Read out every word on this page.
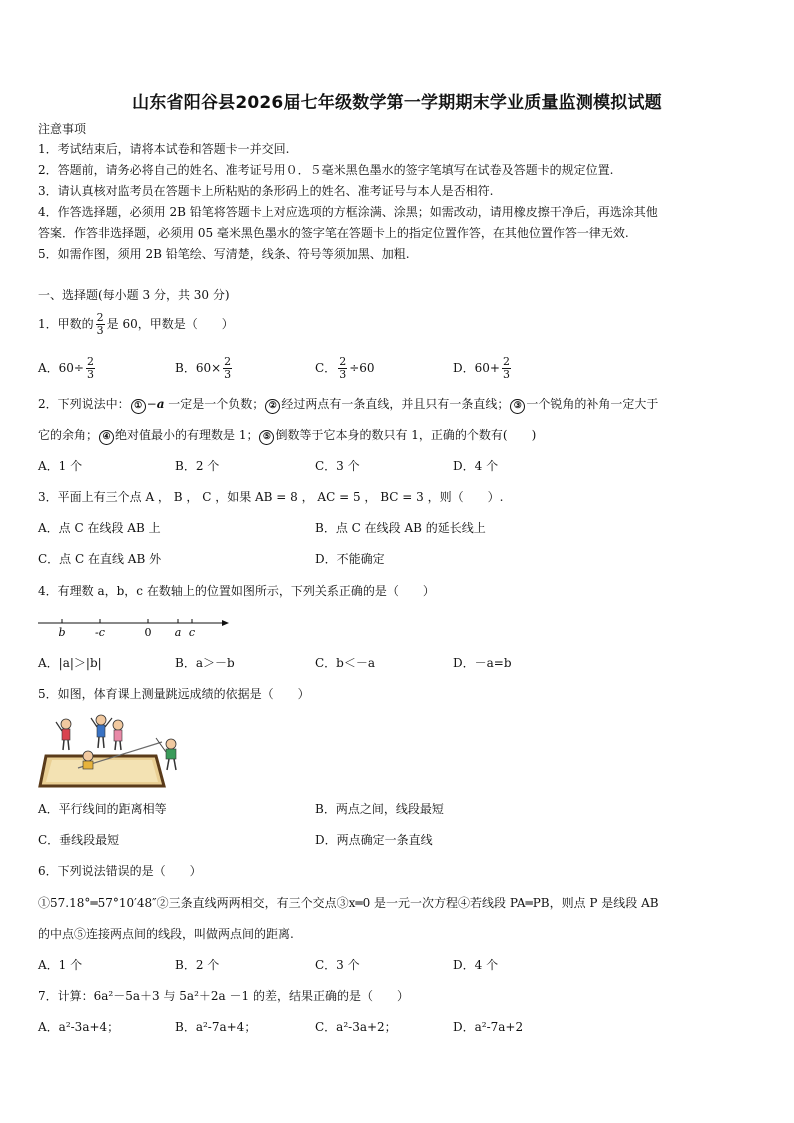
山东省阳谷县2026届七年级数学第一学期期末学业质量监测模拟试题
注意事项
1．考试结束后，请将本试卷和答题卡一并交回.
2．答题前，请务必将自己的姓名、准考证号用０．５毫米黑色墨水的签字笔填写在试卷及答题卡的规定位置.
3．请认真核对监考员在答题卡上所粘贴的条形码上的姓名、准考证号与本人是否相符.
4．作答选择题，必须用 2B 铅笔将答题卡上对应选项的方框涂满、涂黑；如需改动，请用橡皮擦干净后，再选涂其他
答案．作答非选择题，必须用 05 毫米黑色墨水的签字笔在答题卡上的指定位置作答，在其他位置作答一律无效.
5．如需作图，须用 2B 铅笔绘、写清楚，线条、符号等须加黑、加粗.
一、选择题(每小题 3 分，共 30 分)
1．甲数的 $\frac{2}{3}$ 是 60，甲数是（　　）
A．$60\div \frac{2}{3}$	B．$60\times \frac{2}{3}$	C． $\frac{2}{3} \div 60$	D．$60+ \frac{2}{3}$
2．下列说法中： ① −a 一定是一个负数； ② 经过两点有一条直线，并且只有一条直线； ③ 一个锐角的补角一定大于
它的余角； ④ 绝对值最小的有理数是 1； ⑤ 倒数等于它本身的数只有 1，正确的个数有(　　)
A．1 个	B．2 个	C．3 个	D．4 个
3．平面上有三个点 A ， B ， C ，如果 AB = 8 ， AC = 5 ， BC = 3 ，则（　　）.
A．点 C 在线段 AB 上	B．点 C 在线段 AB 的延长线上
C．点 C 在直线 AB 外	D．不能确定
4．有理数 a，b，c 在数轴上的位置如图所示，下列关系正确的是（　　）
b	-c	0 a c
A．|a|＞|b|	B．a＞－b	C．b＜－a	D．－a=b
5．如图，体育课上测量跳远成绩的依据是（　　）
A．平行线间的距离相等	B．两点之间，线段最短
C．垂线段最短	D．两点确定一条直线
6．下列说法错误的是（　　）
①57.18°═57°10′48″②三条直线两两相交，有三个交点③x═0 是一元一次方程④若线段 PA═PB，则点 P 是线段 AB
的中点⑤连接两点间的线段，叫做两点间的距离.
A．1 个	B．2 个	C．3 个	D．4 个
7．计算：6a²－5a＋3 与 5a²＋2a －1 的差，结果正确的是（　　）
A．a²-3a+4；	B．a²-7a+4；	C．a²-3a+2；	D．a²-7a+2
